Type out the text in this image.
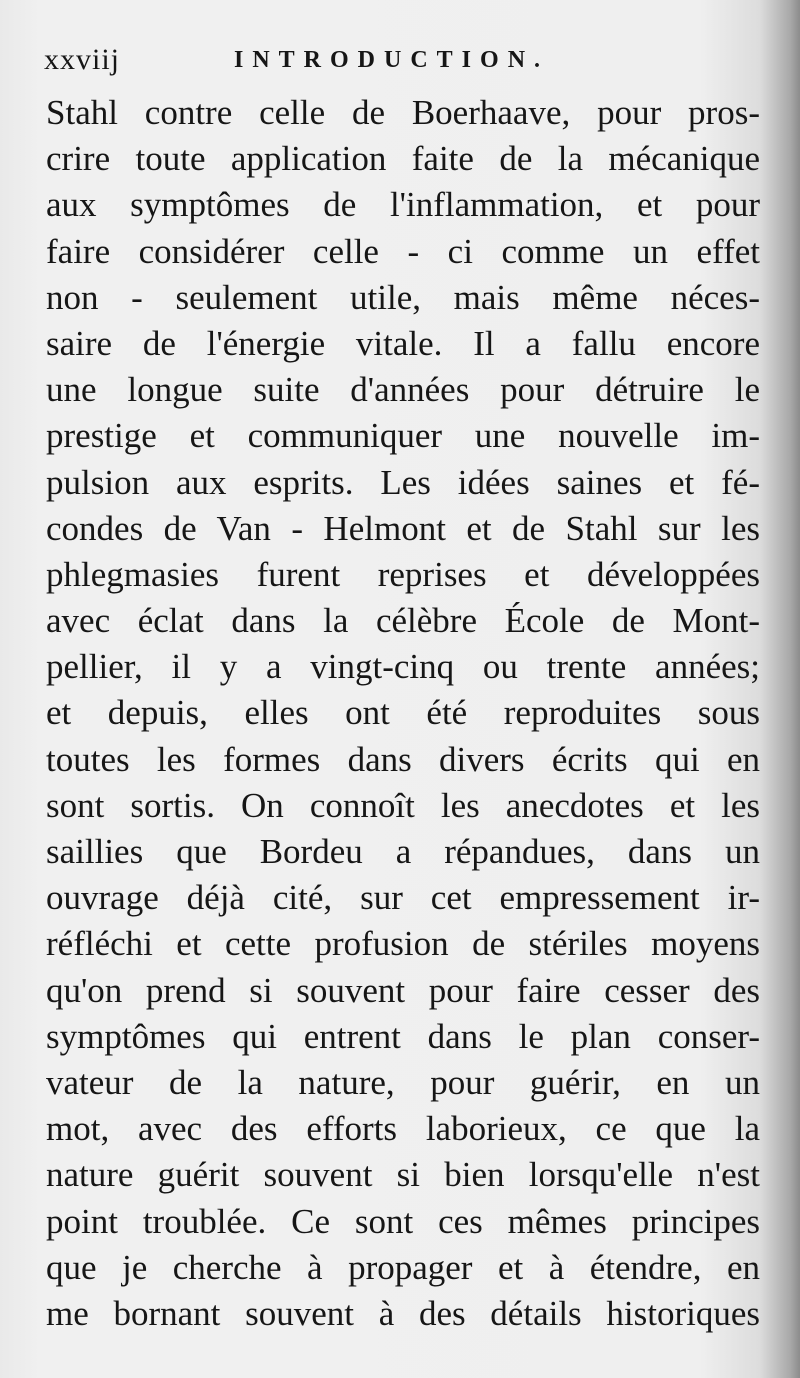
xxviij	INTRODUCTION.
Stahl contre celle de Boerhaave, pour pros-
crire toute application faite de la mécanique
aux symptômes de l'inflammation, et pour
faire considérer celle - ci comme un effet
non - seulement utile, mais même néces-
saire de l'énergie vitale. Il a fallu encore
une longue suite d'années pour détruire le
prestige et communiquer une nouvelle im-
pulsion aux esprits. Les idées saines et fé-
condes de Van - Helmont et de Stahl sur les
phlegmasies furent reprises et développées
avec éclat dans la célèbre École de Mont-
pellier, il y a vingt-cinq ou trente années;
et depuis, elles ont été reproduites sous
toutes les formes dans divers écrits qui en
sont sortis. On connoît les anecdotes et les
saillies que Bordeu a répandues, dans un
ouvrage déjà cité, sur cet empressement ir-
réfléchi et cette profusion de stériles moyens
qu'on prend si souvent pour faire cesser des
symptômes qui entrent dans le plan conser-
vateur de la nature, pour guérir, en un
mot, avec des efforts laborieux, ce que la
nature guérit souvent si bien lorsqu'elle n'est
point troublée. Ce sont ces mêmes principes
que je cherche à propager et à étendre, en
me bornant souvent à des détails historiques
